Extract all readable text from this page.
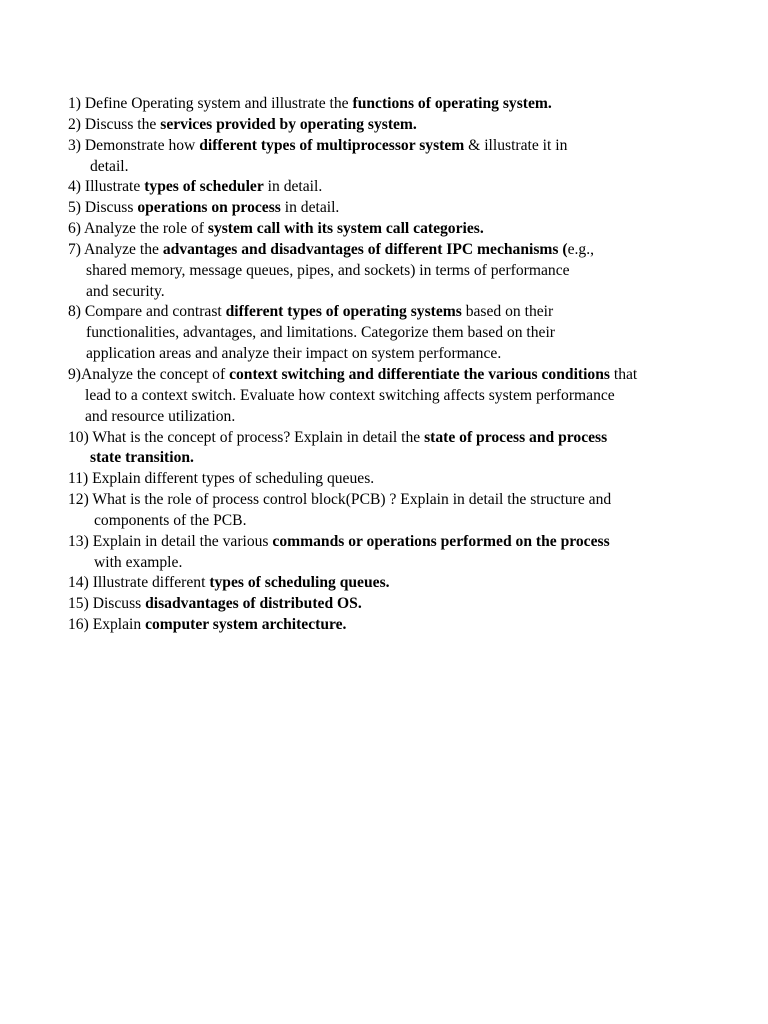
1) Define Operating system and illustrate the functions of operating system.
2) Discuss the services provided by operating system.
3) Demonstrate how different types of multiprocessor system & illustrate it in
detail.
4) Illustrate types of scheduler in detail.
5) Discuss operations on process in detail.
6) Analyze the role of system call with its system call categories.
7) Analyze the advantages and disadvantages of different IPC mechanisms (e.g.,
shared memory, message queues, pipes, and sockets) in terms of performance
and security.
8) Compare and contrast different types of operating systems based on their
functionalities, advantages, and limitations. Categorize them based on their
application areas and analyze their impact on system performance.
9)Analyze the concept of context switching and differentiate the various conditions that
lead to a context switch. Evaluate how context switching affects system performance
and resource utilization.
10) What is the concept of process? Explain in detail the state of process and process
state transition.
11) Explain different types of scheduling queues.
12) What is the role of process control block(PCB) ? Explain in detail the structure and
components of the PCB.
13) Explain in detail the various commands or operations performed on the process
with example.
14) Illustrate different types of scheduling queues.
15) Discuss disadvantages of distributed OS.
16) Explain computer system architecture.
